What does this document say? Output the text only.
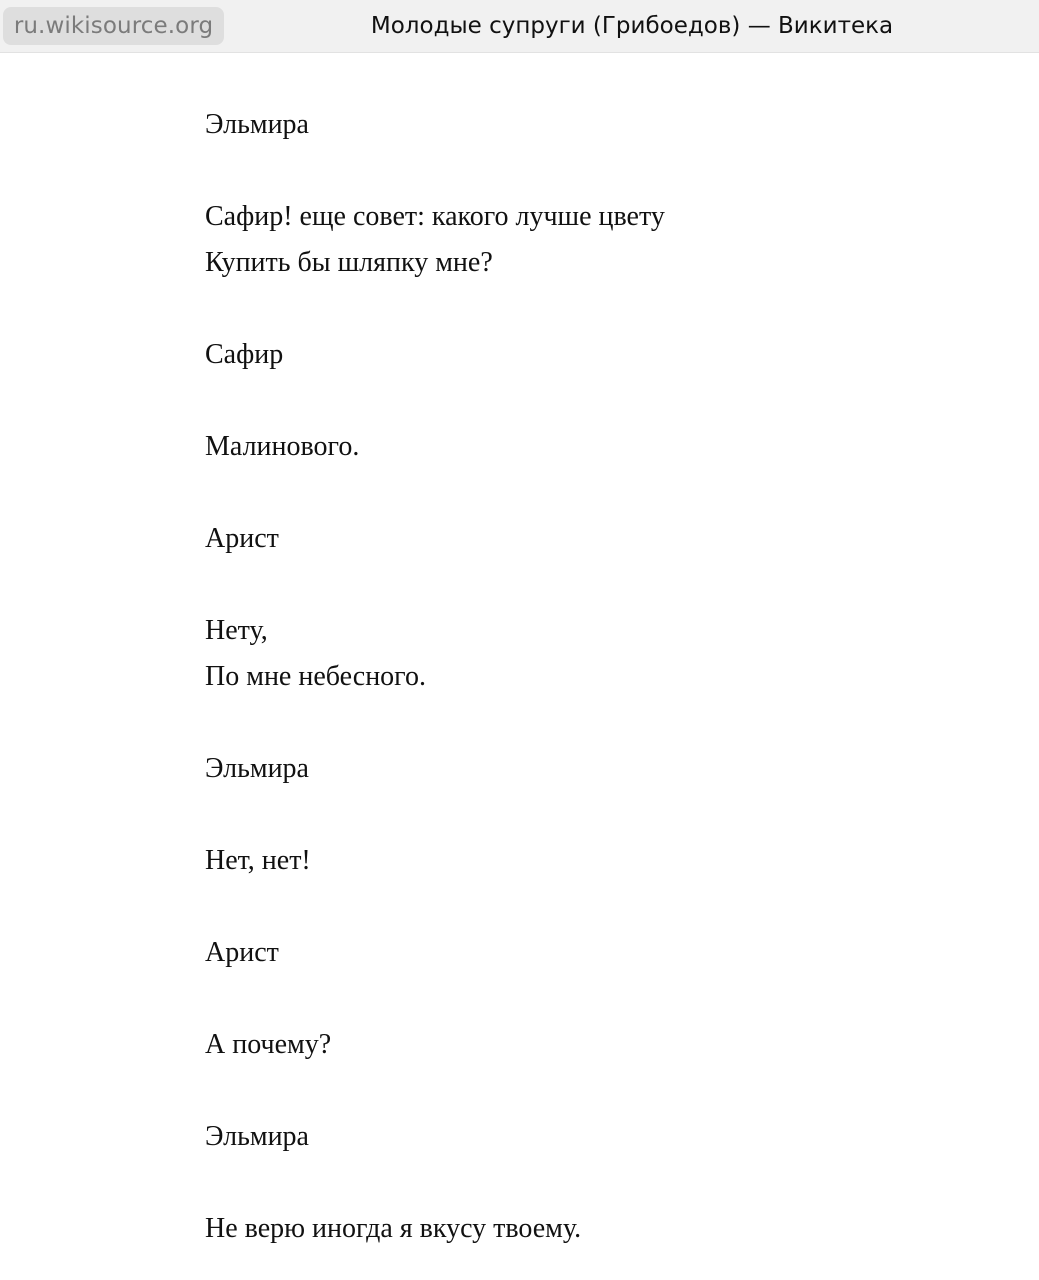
ru.wikisource.org	Молодые супруги (Грибоедов) — Викитека
Эльмира
Сафир! еще совет: какого лучше цвету
Купить бы шляпку мне?
Сафир
Малинового.
Арист
Нету,
По мне небесного.
Эльмира
Нет, нет!
Арист
А почему?
Эльмира
Не верю иногда я вкусу твоему.
